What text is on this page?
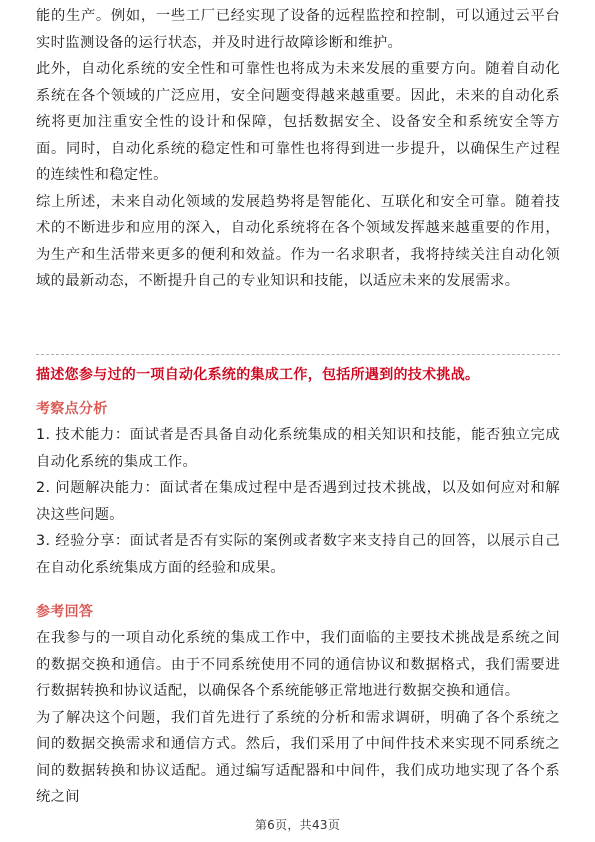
能的生产。例如，一些工厂已经实现了设备的远程监控和控制，可以通过云平台实时监测设备的运行状态，并及时进行故障诊断和维护。

此外，自动化系统的安全性和可靠性也将成为未来发展的重要方向。随着自动化系统在各个领域的广泛应用，安全问题变得越来越重要。因此，未来的自动化系统将更加注重安全性的设计和保障，包括数据安全、设备安全和系统安全等方面。同时，自动化系统的稳定性和可靠性也将得到进一步提升，以确保生产过程的连续性和稳定性。

综上所述，未来自动化领域的发展趋势将是智能化、互联化和安全可靠。随着技术的不断进步和应用的深入，自动化系统将在各个领域发挥越来越重要的作用，为生产和生活带来更多的便利和效益。作为一名求职者，我将持续关注自动化领域的最新动态，不断提升自己的专业知识和技能，以适应未来的发展需求。

描述您参与过的一项自动化系统的集成工作，包括所遇到的技术挑战。

考察点分析

1. 技术能力：面试者是否具备自动化系统集成的相关知识和技能，能否独立完成自动化系统的集成工作。

2. 问题解决能力：面试者在集成过程中是否遇到过技术挑战，以及如何应对和解决这些问题。

3. 经验分享：面试者是否有实际的案例或者数字来支持自己的回答，以展示自己在自动化系统集成方面的经验和成果。

参考回答

在我参与的一项自动化系统的集成工作中，我们面临的主要技术挑战是系统之间的数据交换和通信。由于不同系统使用不同的通信协议和数据格式，我们需要进行数据转换和协议适配，以确保各个系统能够正常地进行数据交换和通信。

为了解决这个问题，我们首先进行了系统的分析和需求调研，明确了各个系统之间的数据交换需求和通信方式。然后，我们采用了中间件技术来实现不同系统之间的数据转换和协议适配。通过编写适配器和中间件，我们成功地实现了各个系统之间

第6页，共43页
